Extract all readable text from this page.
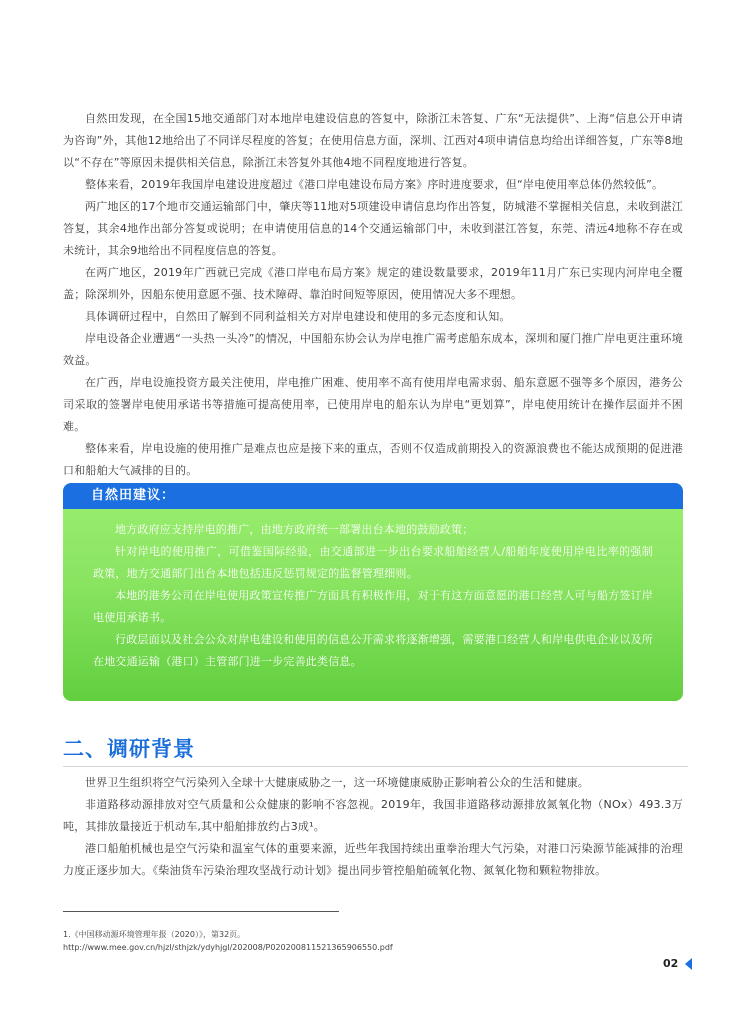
自然田发现，在全国15地交通部门对本地岸电建设信息的答复中，除浙江未答复、广东“无法提供”、上海“信息公开申请为咨询”外，其他12地给出了不同详尽程度的答复；在使用信息方面，深圳、江西对4项申请信息均给出详细答复，广东等8地以“不存在”等原因未提供相关信息，除浙江未答复外其他4地不同程度地进行答复。

整体来看，2019年我国岸电建设进度超过《港口岸电建设布局方案》序时进度要求，但“岸电使用率总体仍然较低”。

两广地区的17个地市交通运输部门中，肇庆等11地对5项建设申请信息均作出答复，防城港不掌握相关信息，未收到湛江答复，其余4地作出部分答复或说明；在申请使用信息的14个交通运输部门中，未收到湛江答复，东莞、清远4地称不存在或未统计，其余9地给出不同程度信息的答复。

在两广地区，2019年广西就已完成《港口岸电布局方案》规定的建设数量要求，2019年11月广东已实现内河岸电全覆盖；除深圳外，因船东使用意愿不强、技术障碍、靠泊时间短等原因，使用情况大多不理想。

具体调研过程中，自然田了解到不同利益相关方对岸电建设和使用的多元态度和认知。

岸电设备企业遭遇“一头热一头冷”的情况，中国船东协会认为岸电推广需考虑船东成本，深圳和厦门推广岸电更注重环境效益。

在广西，岸电设施投资方最关注使用，岸电推广困难、使用率不高有使用岸电需求弱、船东意愿不强等多个原因，港务公司采取的签署岸电使用承诺书等措施可提高使用率，已使用岸电的船东认为岸电“更划算”，岸电使用统计在操作层面并不困难。

整体来看，岸电设施的使用推广是难点也应是接下来的重点，否则不仅造成前期投入的资源浪费也不能达成预期的促进港口和船舶大气减排的目的。

自然田建议：

地方政府应支持岸电的推广，由地方政府统一部署出台本地的鼓励政策；

针对岸电的使用推广，可借鉴国际经验，由交通部进一步出台要求船舶经营人/船舶年度使用岸电比率的强制政策，地方交通部门出台本地包括违反惩罚规定的监督管理细则。

本地的港务公司在岸电使用政策宣传推广方面具有积极作用，对于有这方面意愿的港口经营人可与船方签订岸电使用承诺书。

行政层面以及社会公众对岸电建设和使用的信息公开需求将逐渐增强，需要港口经营人和岸电供电企业以及所在地交通运输（港口）主管部门进一步完善此类信息。

二、调研背景

世界卫生组织将空气污染列入全球十大健康威胁之一，这一环境健康威胁正影响着公众的生活和健康。

非道路移动源排放对空气质量和公众健康的影响不容忽视。2019年，我国非道路移动源排放氮氧化物（NOx）493.3万吨，其排放量接近于机动车,其中船舶排放约占3成¹。

港口船舶机械也是空气污染和温室气体的重要来源，近些年我国持续出重拳治理大气污染，对港口污染源节能减排的治理力度正逐步加大。《柴油货车污染治理攻坚战行动计划》提出同步管控船舶硫氧化物、氮氧化物和颗粒物排放。

1.《中国移动源环境管理年报（2020）》，第32页。
http://www.mee.gov.cn/hjzl/sthjzk/ydyhjgl/202008/P020200811521365906550.pdf
02
